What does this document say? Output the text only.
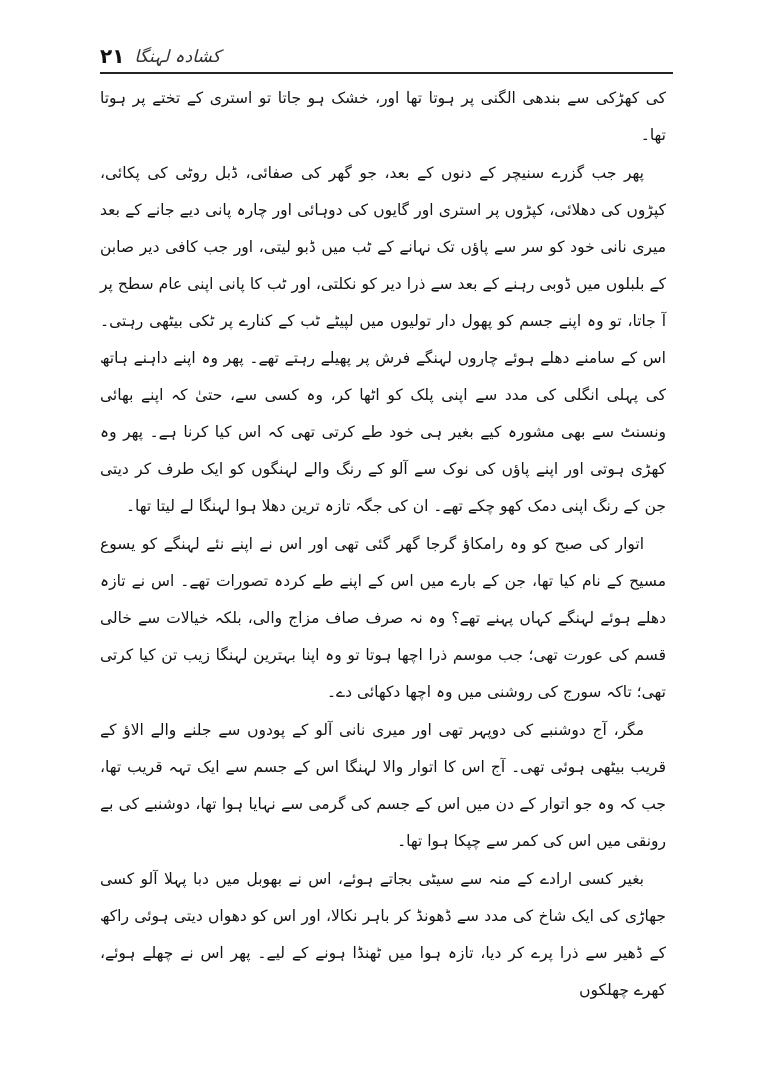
۲۱ کشادہ لہنگا

کی کھڑکی سے بندھی الگنی پر ہوتا تھا اور، خشک ہو جاتا تو استری کے تختے پر ہوتا تھا۔

پھر جب گزرے سنیچر کے دنوں کے بعد، جو گھر کی صفائی، ڈبل روٹی کی پکائی، کپڑوں کی دھلائی، کپڑوں پر استری اور گایوں کی دوہائی اور چارہ پانی دیے جانے کے بعد میری نانی خود کو سر سے پاؤں تک نہانے کے ٹب میں ڈبو لیتی، اور جب کافی دیر صابن کے بلبلوں میں ڈوبی رہنے کے بعد سے ذرا دیر کو نکلتی، اور ٹب کا پانی اپنی عام سطح پر آ جاتا، تو وہ اپنے جسم کو پھول دار تولیوں میں لپیٹے ٹب کے کنارے پر ٹکی بیٹھی رہتی۔ اس کے سامنے دھلے ہوئے چاروں لہنگے فرش پر پھیلے رہتے تھے۔ پھر وہ اپنے داہنے ہاتھ کی پہلی انگلی کی مدد سے اپنی پلک کو اٹھا کر، وہ کسی سے، حتیٰ کہ اپنے بھائی ونسنٹ سے بھی مشورہ کیے بغیر ہی خود طے کرتی تھی کہ اس کیا کرنا ہے۔ پھر وہ کھڑی ہوتی اور اپنے پاؤں کی نوک سے آلو کے رنگ والے لہنگوں کو ایک طرف کر دیتی جن کے رنگ اپنی دمک کھو چکے تھے۔ ان کی جگہ تازہ ترین دھلا ہوا لہنگا لے لیتا تھا۔

اتوار کی صبح کو وہ رامکاؤ گرجا گھر گئی تھی اور اس نے اپنے نئے لہنگے کو یسوع مسیح کے نام کیا تھا، جن کے بارے میں اس کے اپنے طے کردہ تصورات تھے۔ اس نے تازہ دھلے ہوئے لہنگے کہاں پہنے تھے؟ وہ نہ صرف صاف مزاج والی، بلکہ خیالات سے خالی قسم کی عورت تھی؛ جب موسم ذرا اچھا ہوتا تو وہ اپنا بہترین لہنگا زیب تن کیا کرتی تھی؛ تاکہ سورج کی روشنی میں وہ اچھا دکھائی دے۔

مگر، آج دوشنبے کی دوپہر تھی اور میری نانی آلو کے پودوں سے جلنے والے الاؤ کے قریب بیٹھی ہوئی تھی۔ آج اس کا اتوار والا لہنگا اس کے جسم سے ایک تہہ قریب تھا، جب کہ وہ جو اتوار کے دن میں اس کے جسم کی گرمی سے نہایا ہوا تھا، دوشنبے کی بے رونقی میں اس کی کمر سے چپکا ہوا تھا۔

بغیر کسی ارادے کے منہ سے سیٹی بجاتے ہوئے، اس نے بھوبل میں دبا پہلا آلو کسی جھاڑی کی ایک شاخ کی مدد سے ڈھونڈ کر باہر نکالا، اور اس کو دھواں دیتی ہوئی راکھ کے ڈھیر سے ذرا پرے کر دیا، تازہ ہوا میں ٹھنڈا ہونے کے لیے۔ پھر اس نے چھلے ہوئے، کھرے چھلکوں
